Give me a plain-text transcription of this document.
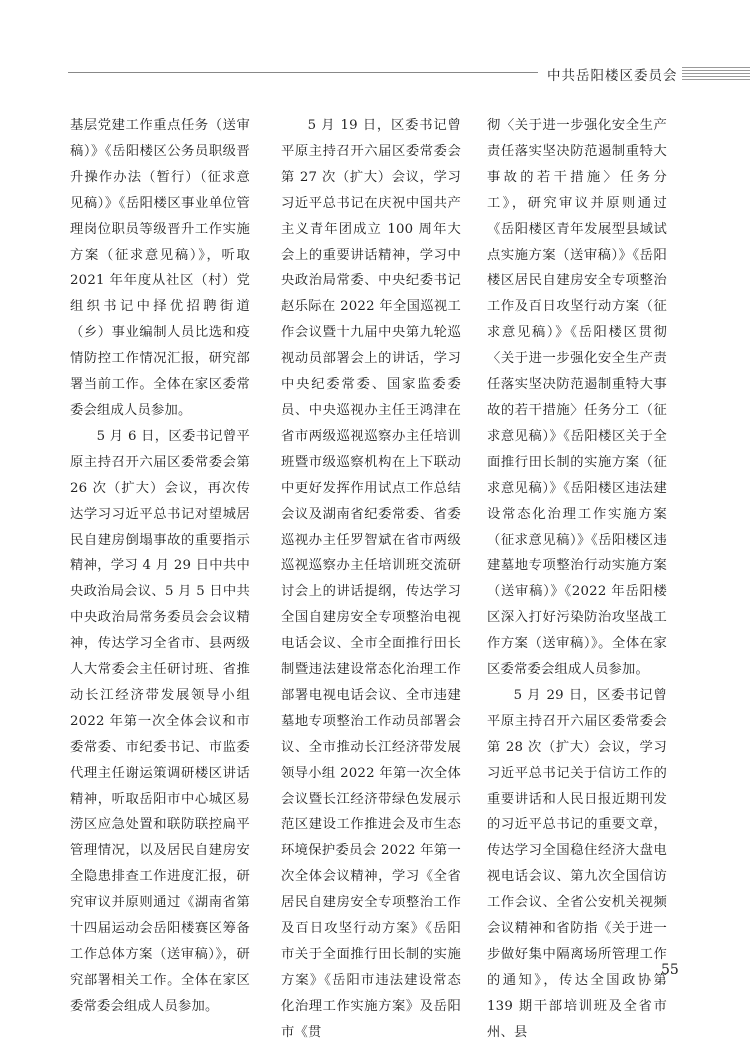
中共岳阳楼区委员会

基层党建工作重点任务（送审稿）》《岳阳楼区公务员职级晋升操作办法（暂行）（征求意见稿）》《岳阳楼区事业单位管理岗位职员等级晋升工作实施方案（征求意见稿）》，听取 2021 年年度从社区（村）党组织书记中择优招聘街道（乡）事业编制人员比选和疫情防控工作情况汇报，研究部署当前工作。全体在家区委常委会组成人员参加。

5 月 6 日，区委书记曾平原主持召开六届区委常委会第 26 次（扩大）会议，再次传达学习习近平总书记对望城居民自建房倒塌事故的重要指示精神，学习 4 月 29 日中共中央政治局会议、5 月 5 日中共中央政治局常务委员会会议精神，传达学习全省市、县两级人大常委会主任研讨班、省推动长江经济带发展领导小组 2022 年第一次全体会议和市委常委、市纪委书记、市监委代理主任谢运策调研楼区讲话精神，听取岳阳市中心城区易涝区应急处置和联防联控扁平管理情况，以及居民自建房安全隐患排查工作进度汇报，研究审议并原则通过《湖南省第十四届运动会岳阳楼赛区筹备工作总体方案（送审稿）》，研究部署相关工作。全体在家区委常委会组成人员参加。

5 月 19 日，区委书记曾平原主持召开六届区委常委会第 27 次（扩大）会议，学习习近平总书记在庆祝中国共产主义青年团成立 100 周年大会上的重要讲话精神，学习中央政治局常委、中央纪委书记赵乐际在 2022 年全国巡视工作会议暨十九届中央第九轮巡视动员部署会上的讲话，学习中央纪委常委、国家监委委员、中央巡视办主任王鸿津在省市两级巡视巡察办主任培训班暨市级巡察机构在上下联动中更好发挥作用试点工作总结会议及湖南省纪委常委、省委巡视办主任罗智斌在省市两级巡视巡察办主任培训班交流研讨会上的讲话提纲，传达学习全国自建房安全专项整治电视电话会议、全市全面推行田长制暨违法建设常态化治理工作部署电视电话会议、全市违建墓地专项整治工作动员部署会议、全市推动长江经济带发展领导小组 2022 年第一次全体会议暨长江经济带绿色发展示范区建设工作推进会及市生态环境保护委员会 2022 年第一次全体会议精神，学习《全省居民自建房安全专项整治工作及百日攻坚行动方案》《岳阳市关于全面推行田长制的实施方案》《岳阳市违法建设常态化治理工作实施方案》及岳阳市《贯

彻〈关于进一步强化安全生产责任落实坚决防范遏制重特大事故的若干措施〉任务分工》，研究审议并原则通过《岳阳楼区青年发展型县域试点实施方案（送审稿）》《岳阳楼区居民自建房安全专项整治工作及百日攻坚行动方案（征求意见稿）》《岳阳楼区贯彻〈关于进一步强化安全生产责任落实坚决防范遏制重特大事故的若干措施〉任务分工（征求意见稿）》《岳阳楼区关于全面推行田长制的实施方案（征求意见稿）》《岳阳楼区违法建设常态化治理工作实施方案（征求意见稿）》《岳阳楼区违建墓地专项整治行动实施方案（送审稿）》《2022 年岳阳楼区深入打好污染防治攻坚战工作方案（送审稿）》。全体在家区委常委会组成人员参加。

5 月 29 日，区委书记曾平原主持召开六届区委常委会第 28 次（扩大）会议，学习习近平总书记关于信访工作的重要讲话和人民日报近期刊发的习近平总书记的重要文章，传达学习全国稳住经济大盘电视电话会议、第九次全国信访工作会议、全省公安机关视频会议精神和省防指《关于进一步做好集中隔离场所管理工作的通知》，传达全国政协第 139 期干部培训班及全省市州、县

55
